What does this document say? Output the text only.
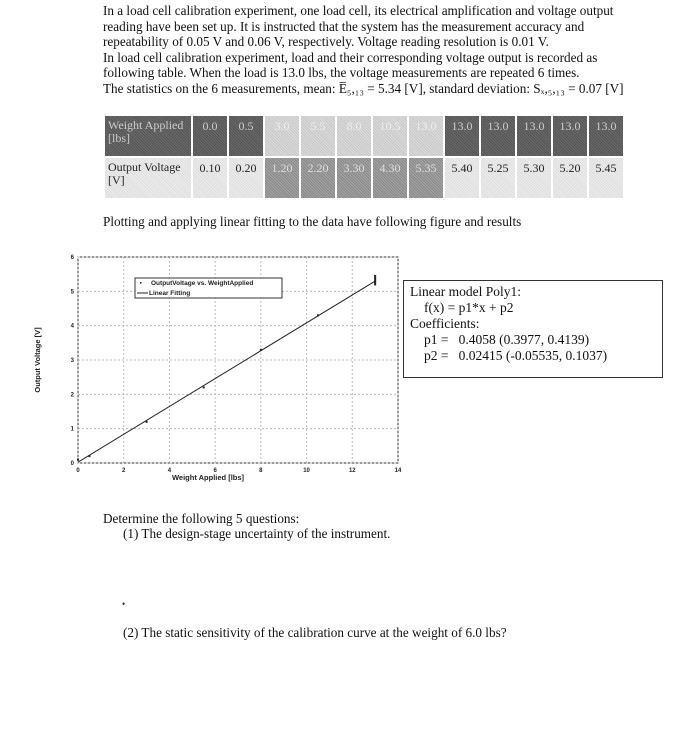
In a load cell calibration experiment, one load cell, its electrical amplification and voltage output
reading have been set up. It is instructed that the system has the measurement accuracy and
repeatability of 0.05 V and 0.06 V, respectively. Voltage reading resolution is 0.01 V.
In load cell calibration experiment, load and their corresponding voltage output is recorded as
following table. When the load is 13.0 lbs, the voltage measurements are repeated 6 times.
The statistics on the 6 measurements, mean: E̅₅,₁₃ = 5.34 [V], standard deviation: Sₓ,₅,₁₃ = 0.07 [V]
Weight Applied [lbs]	0.0	0.5	3.0	5.5	8.0	10.5	13.0	13.0	13.0	13.0	13.0	13.0
Output Voltage [V]	0.10	0.20	1.20	2.20	3.30	4.30	5.35	5.40	5.25	5.30	5.20	5.45
Plotting and applying linear fitting to the data have following figure and results
0	2	4	6	8	10	12	14
0
1
2
3
4
5
6
Weight Applied [lbs]
Output Voltage [V]
OutputVoltage vs. WeightApplied
Linear Fitting	Linear model Poly1:
f(x) = p1*x + p2
Coefficients:
p1 = 0.4058 (0.3977, 0.4139)
p2 = 0.02415 (-0.05535, 0.1037)
Determine the following 5 questions:
(1) The design-stage uncertainty of the instrument.
•
(2) The static sensitivity of the calibration curve at the weight of 6.0 lbs?
